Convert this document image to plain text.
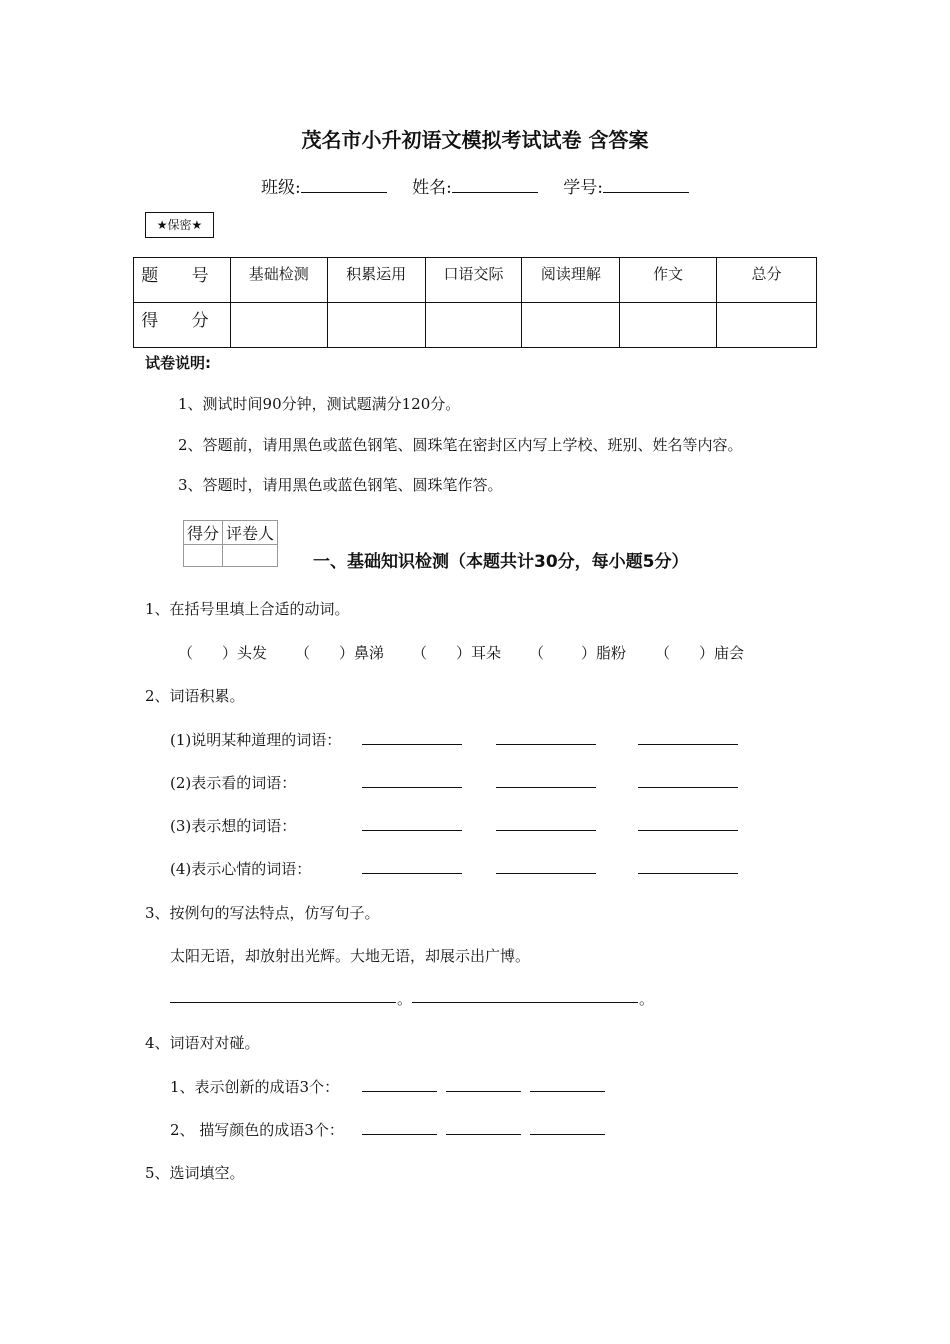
茂名市小升初语文模拟考试试卷 含答案
班级:	姓名:	学号:
★保密★
题 号	基础检测	积累运用	口语交际	阅读理解	作文	总分
得 分						
试卷说明:
1、测试时间90分钟，测试题满分120分。
2、答题前，请用黑色或蓝色钢笔、圆珠笔在密封区内写上学校、班别、姓名等内容。
3、答题时，请用黑色或蓝色钢笔、圆珠笔作答。
得分	评卷人

一、基础知识检测（本题共计30分，每小题5分）
1、在括号里填上合适的动词。
（ ） 头发 （ ） 鼻涕 （ ） 耳朵 （ ） 脂粉 （ ） 庙会
2、词语积累。
(1)说明某种道理的词语：
(2)表示看的词语：
(3)表示想的词语：
(4)表示心情的词语：
3、按例句的写法特点，仿写句子。
太阳无语，却放射出光辉。大地无语，却展示出广博。
。	。
4、词语对对碰。
1、表示创新的成语3个：
2、 描写颜色的成语3个：
5、选词填空。
